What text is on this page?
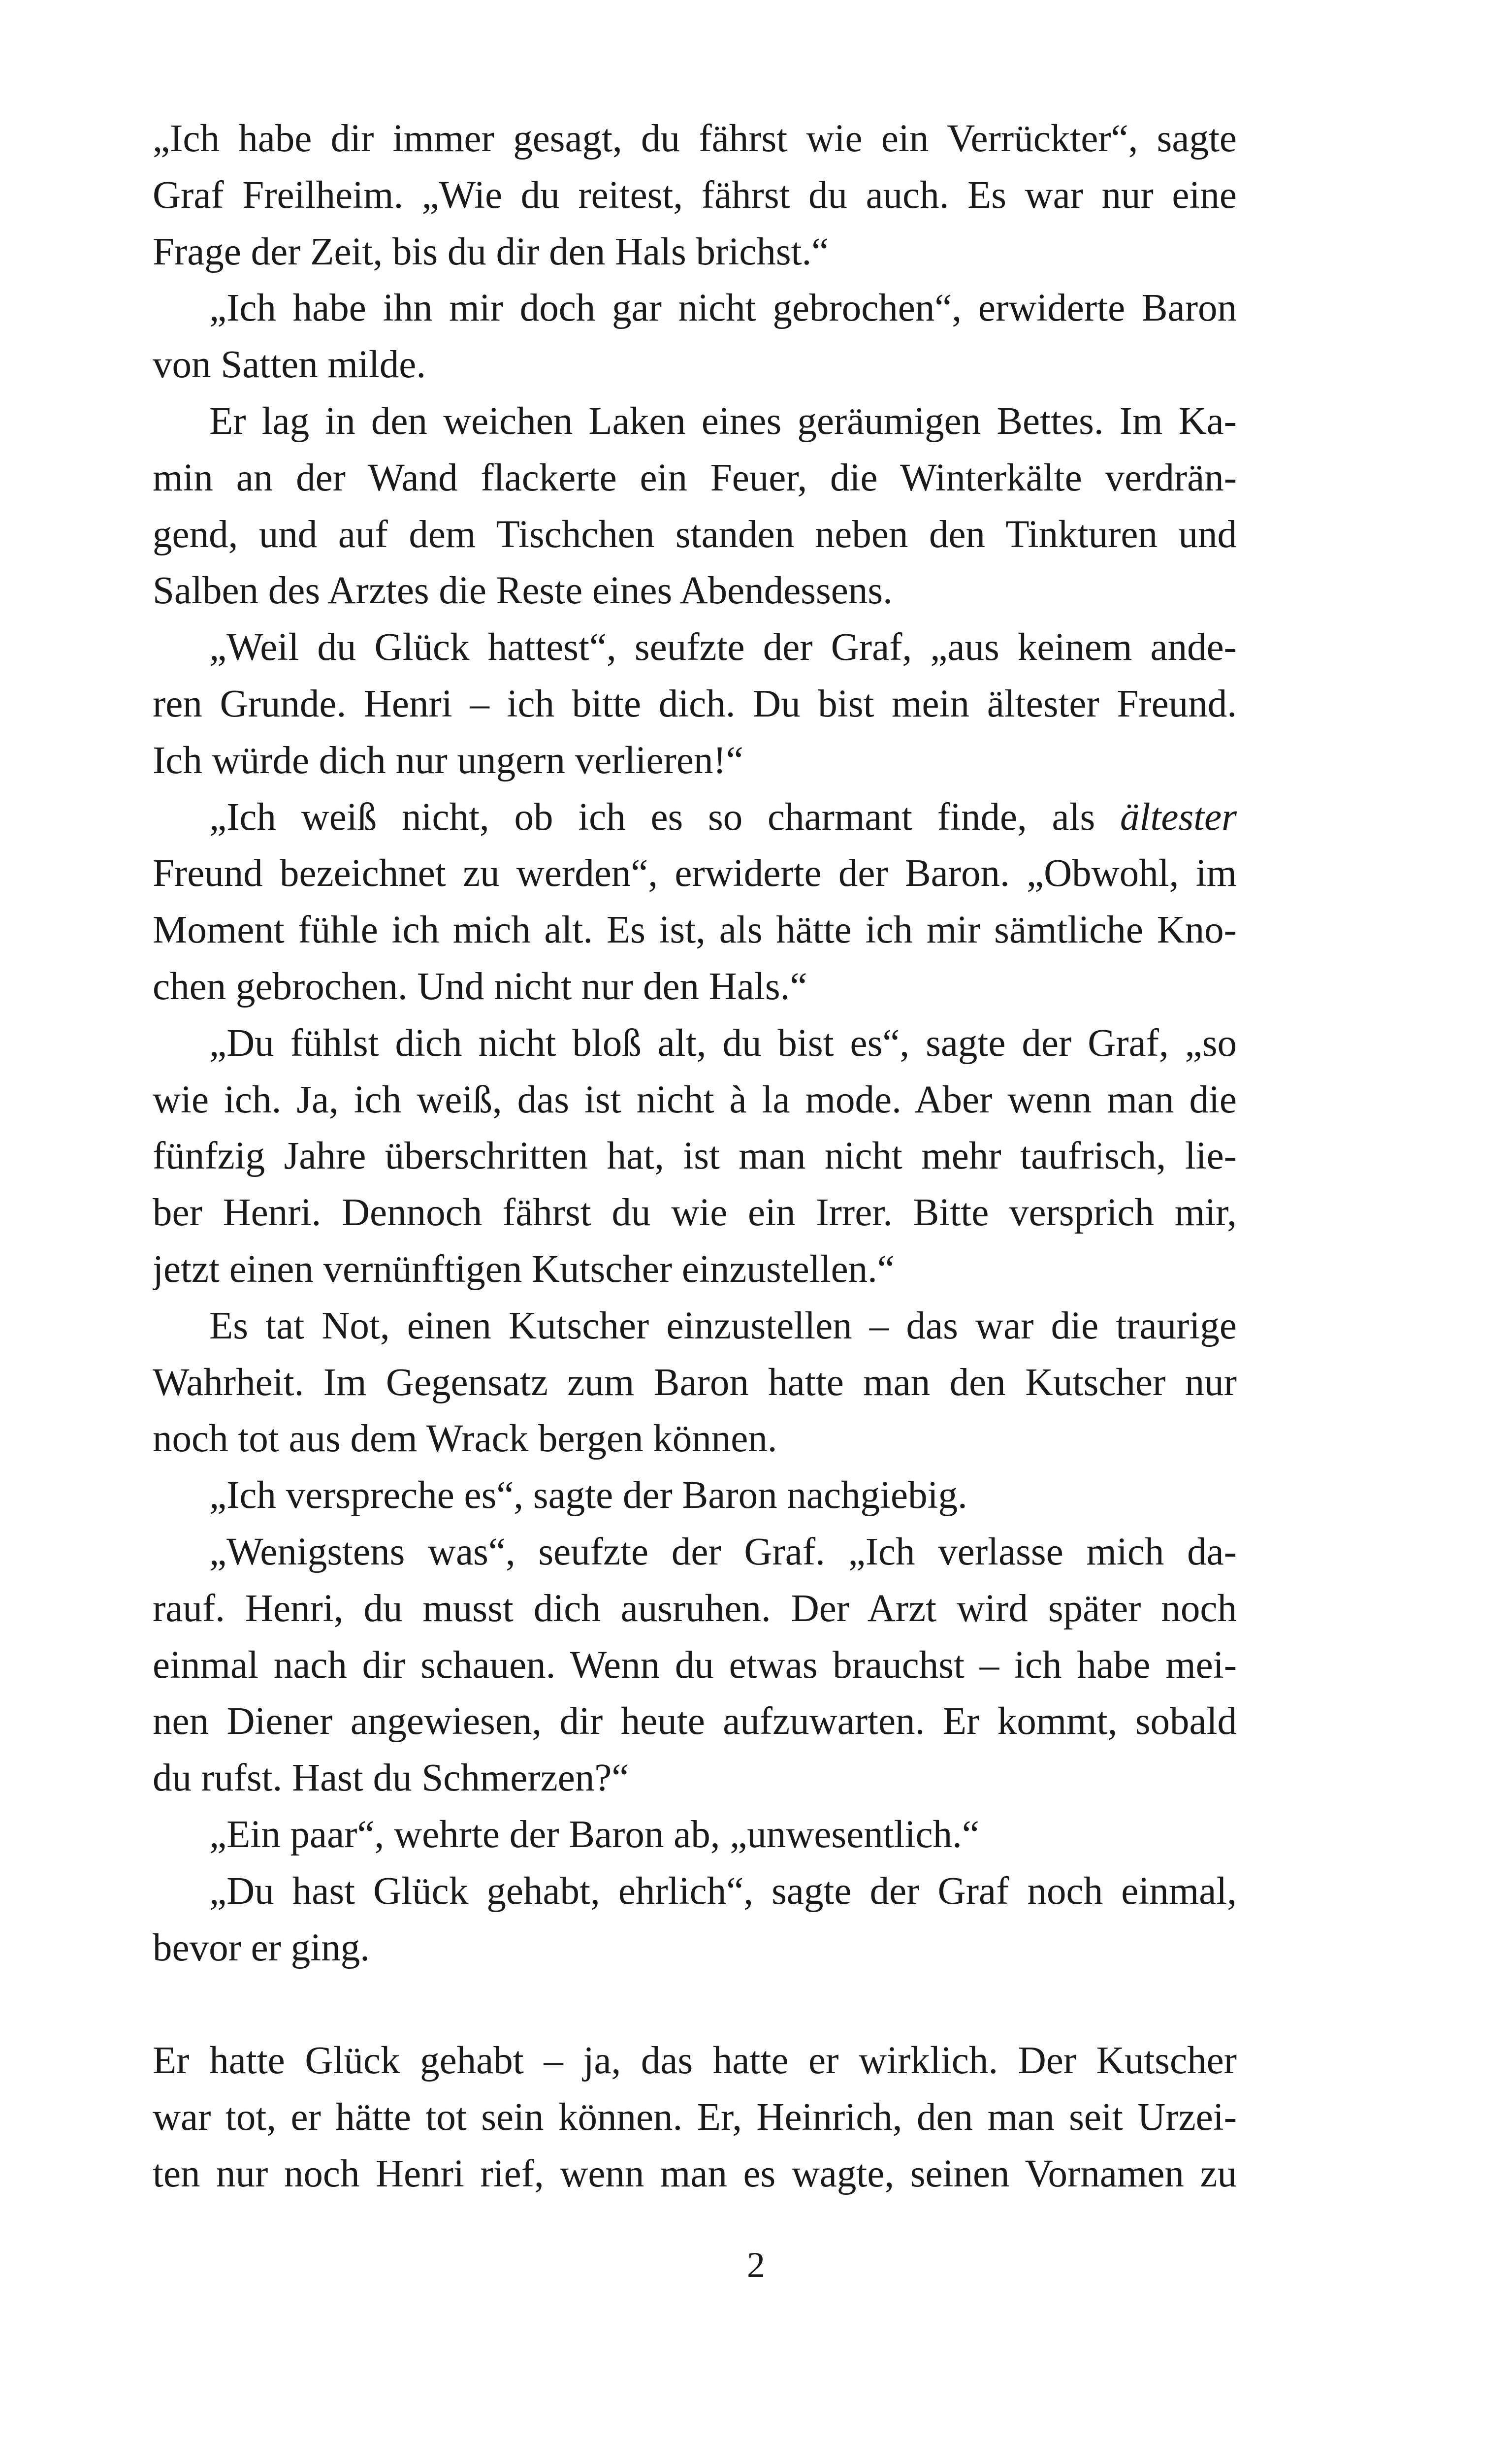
„Ich habe dir immer gesagt, du fährst wie ein Verrückter“, sagte
Graf Freilheim. „Wie du reitest, fährst du auch. Es war nur eine
Frage der Zeit, bis du dir den Hals brichst.“
„Ich habe ihn mir doch gar nicht gebrochen“, erwiderte Baron
von Satten milde.
Er lag in den weichen Laken eines geräumigen Bettes. Im Ka-
min an der Wand flackerte ein Feuer, die Winterkälte verdrän-
gend, und auf dem Tischchen standen neben den Tinkturen und
Salben des Arztes die Reste eines Abendessens.
„Weil du Glück hattest“, seufzte der Graf, „aus keinem ande-
ren Grunde. Henri – ich bitte dich. Du bist mein ältester Freund.
Ich würde dich nur ungern verlieren!“
„Ich weiß nicht, ob ich es so charmant finde, als ältester
Freund bezeichnet zu werden“, erwiderte der Baron. „Obwohl, im
Moment fühle ich mich alt. Es ist, als hätte ich mir sämtliche Kno-
chen gebrochen. Und nicht nur den Hals.“
„Du fühlst dich nicht bloß alt, du bist es“, sagte der Graf, „so
wie ich. Ja, ich weiß, das ist nicht à la mode. Aber wenn man die
fünfzig Jahre überschritten hat, ist man nicht mehr taufrisch, lie-
ber Henri. Dennoch fährst du wie ein Irrer. Bitte versprich mir,
jetzt einen vernünftigen Kutscher einzustellen.“
Es tat Not, einen Kutscher einzustellen – das war die traurige
Wahrheit. Im Gegensatz zum Baron hatte man den Kutscher nur
noch tot aus dem Wrack bergen können.
„Ich verspreche es“, sagte der Baron nachgiebig.
„Wenigstens was“, seufzte der Graf. „Ich verlasse mich da-
rauf. Henri, du musst dich ausruhen. Der Arzt wird später noch
einmal nach dir schauen. Wenn du etwas brauchst – ich habe mei-
nen Diener angewiesen, dir heute aufzuwarten. Er kommt, sobald
du rufst. Hast du Schmerzen?“
„Ein paar“, wehrte der Baron ab, „unwesentlich.“
„Du hast Glück gehabt, ehrlich“, sagte der Graf noch einmal,
bevor er ging.
Er hatte Glück gehabt – ja, das hatte er wirklich. Der Kutscher
war tot, er hätte tot sein können. Er, Heinrich, den man seit Urzei-
ten nur noch Henri rief, wenn man es wagte, seinen Vornamen zu
2
